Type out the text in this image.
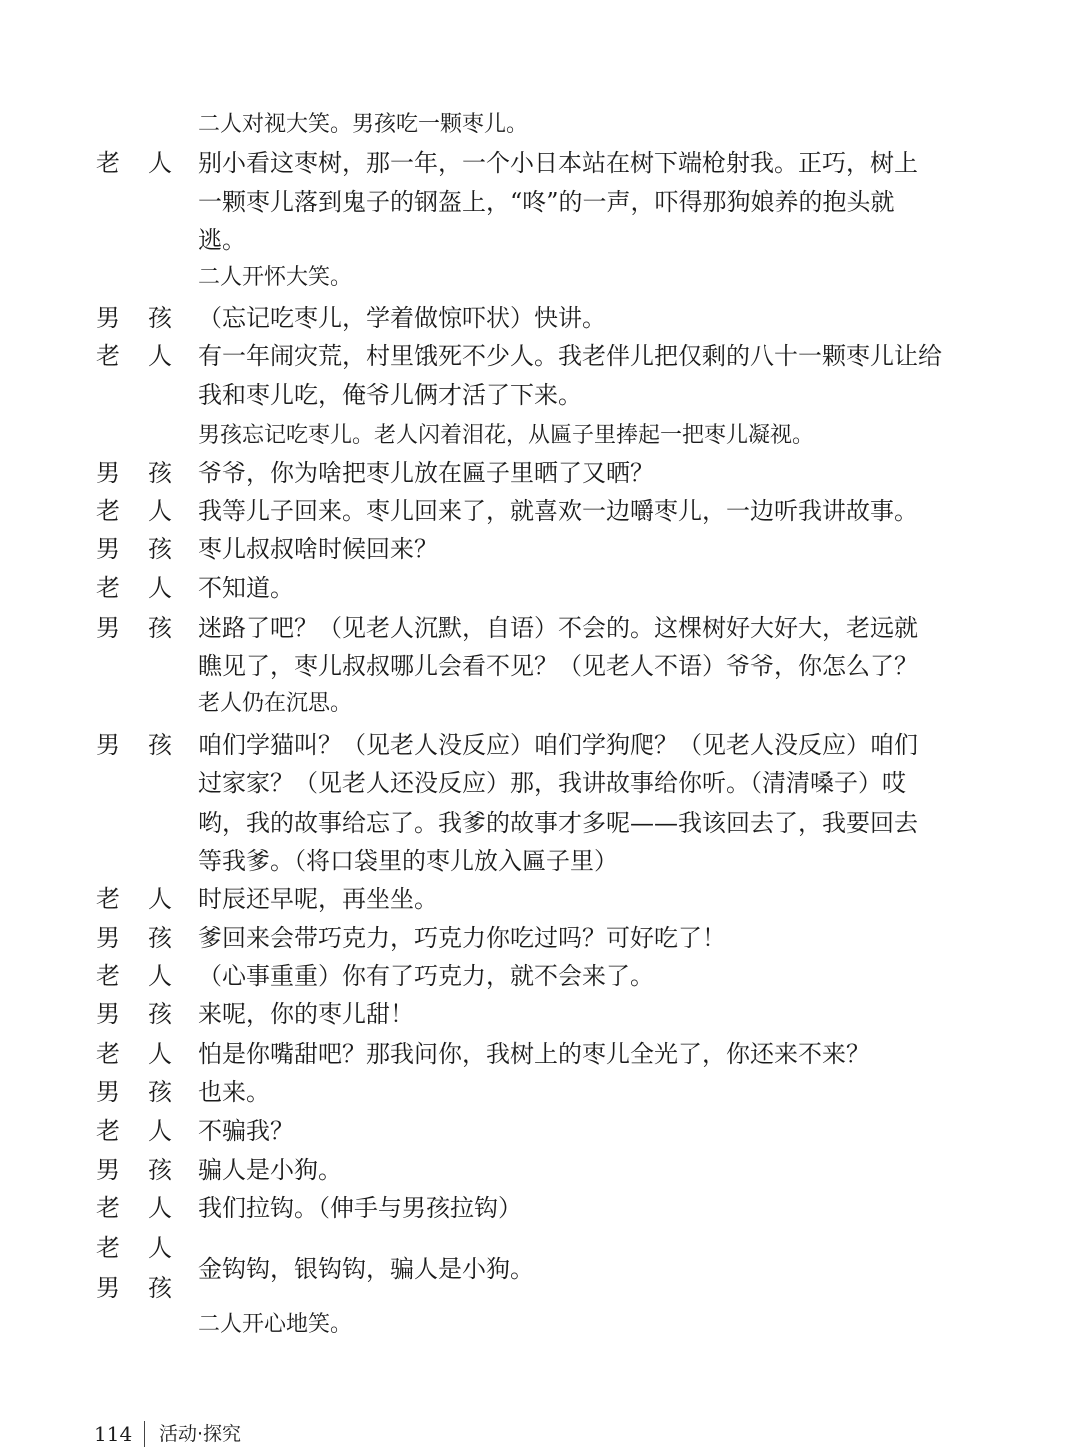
二人对视大笑。男孩吃一颗枣儿。
老 人 别小看这枣树，那一年，一个小日本站在树下端枪射我。正巧，树上
一颗枣儿落到鬼子的钢盔上，“咚”的一声，吓得那狗娘养的抱头就
逃。
二人开怀大笑。
男 孩 （忘记吃枣儿，学着做惊吓状）快讲。
老 人 有一年闹灾荒，村里饿死不少人。我老伴儿把仅剩的八十一颗枣儿让给
我和枣儿吃，俺爷儿俩才活了下来。
男孩忘记吃枣儿。老人闪着泪花，从匾子里捧起一把枣儿凝视。
男 孩 爷爷，你为啥把枣儿放在匾子里晒了又晒？
老 人 我等儿子回来。枣儿回来了，就喜欢一边嚼枣儿，一边听我讲故事。
男 孩 枣儿叔叔啥时候回来？
老 人 不知道。
男 孩 迷路了吧？（见老人沉默，自语）不会的。这棵树好大好大，老远就
瞧见了，枣儿叔叔哪儿会看不见？（见老人不语）爷爷，你怎么了？
老人仍在沉思。
男 孩 咱们学猫叫？（见老人没反应）咱们学狗爬？（见老人没反应）咱们
过家家？（见老人还没反应）那，我讲故事给你听。（清清嗓子）哎
哟，我的故事给忘了。我爹的故事才多呢——我该回去了，我要回去
等我爹。（将口袋里的枣儿放入匾子里）
老 人 时辰还早呢，再坐坐。
男 孩 爹回来会带巧克力，巧克力你吃过吗？可好吃了！
老 人 （心事重重）你有了巧克力，就不会来了。
男 孩 来呢，你的枣儿甜！
老 人 怕是你嘴甜吧？那我问你，我树上的枣儿全光了，你还来不来？
男 孩 也来。
老 人 不骗我？
男 孩 骗人是小狗。
老 人 我们拉钩。（伸手与男孩拉钩）
老 人
金钩钩，银钩钩，骗人是小狗。
男 孩
二人开心地笑。
114 活动·探究
